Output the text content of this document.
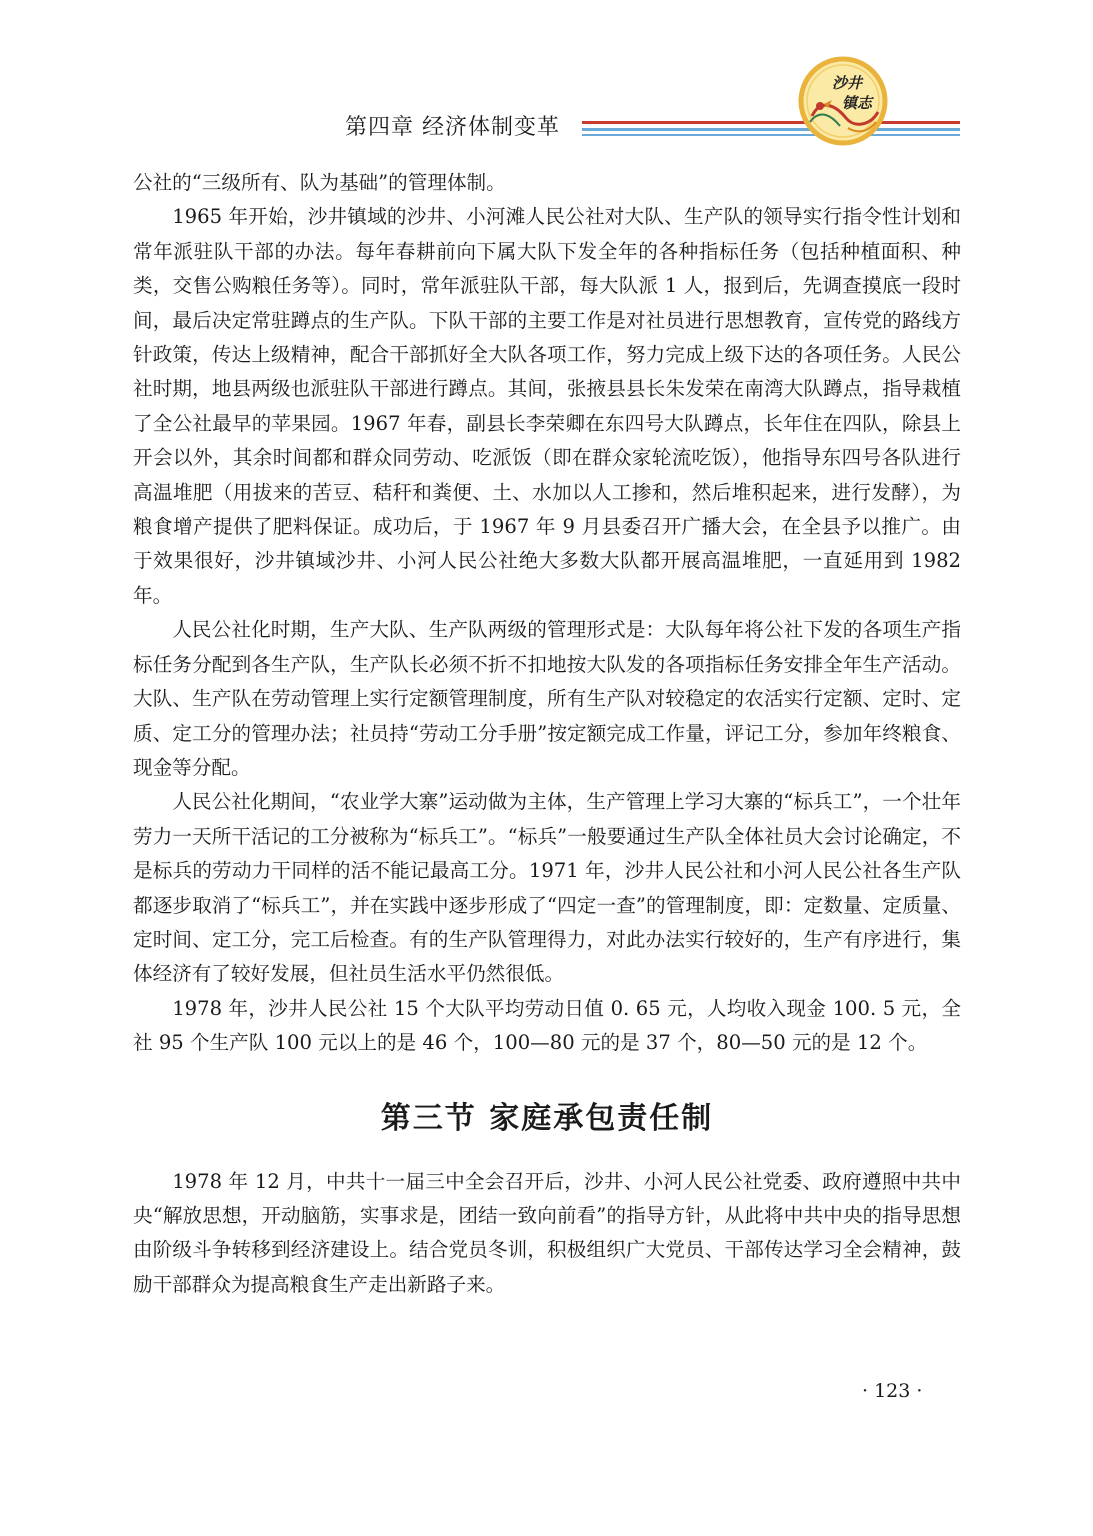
第四章 经济体制变革
沙井
镇志

公社的“三级所有、队为基础”的管理体制。

1965 年开始，沙井镇域的沙井、小河滩人民公社对大队、生产队的领导实行指令性计划和常年派驻队干部的办法。每年春耕前向下属大队下发全年的各种指标任务（包括种植面积、种类，交售公购粮任务等）。同时，常年派驻队干部，每大队派 1 人，报到后，先调查摸底一段时间，最后决定常驻蹲点的生产队。下队干部的主要工作是对社员进行思想教育，宣传党的路线方针政策，传达上级精神，配合干部抓好全大队各项工作，努力完成上级下达的各项任务。人民公社时期，地县两级也派驻队干部进行蹲点。其间，张掖县县长朱发荣在南湾大队蹲点，指导栽植了全公社最早的苹果园。1967 年春，副县长李荣卿在东四号大队蹲点，长年住在四队，除县上开会以外，其余时间都和群众同劳动、吃派饭（即在群众家轮流吃饭），他指导东四号各队进行高温堆肥（用拔来的苦豆、秸秆和粪便、土、水加以人工掺和，然后堆积起来，进行发酵），为粮食增产提供了肥料保证。成功后，于 1967 年 9 月县委召开广播大会，在全县予以推广。由于效果很好，沙井镇域沙井、小河人民公社绝大多数大队都开展高温堆肥，一直延用到 1982 年。

人民公社化时期，生产大队、生产队两级的管理形式是：大队每年将公社下发的各项生产指标任务分配到各生产队，生产队长必须不折不扣地按大队发的各项指标任务安排全年生产活动。大队、生产队在劳动管理上实行定额管理制度，所有生产队对较稳定的农活实行定额、定时、定质、定工分的管理办法；社员持“劳动工分手册”按定额完成工作量，评记工分，参加年终粮食、现金等分配。

人民公社化期间，“农业学大寨”运动做为主体，生产管理上学习大寨的“标兵工”，一个壮年劳力一天所干活记的工分被称为“标兵工”。“标兵”一般要通过生产队全体社员大会讨论确定，不是标兵的劳动力干同样的活不能记最高工分。1971 年，沙井人民公社和小河人民公社各生产队都逐步取消了“标兵工”，并在实践中逐步形成了“四定一查”的管理制度，即：定数量、定质量、定时间、定工分，完工后检查。有的生产队管理得力，对此办法实行较好的，生产有序进行，集体经济有了较好发展，但社员生活水平仍然很低。

1978 年，沙井人民公社 15 个大队平均劳动日值 0. 65 元，人均收入现金 100. 5 元，全社 95 个生产队 100 元以上的是 46 个，100—80 元的是 37 个，80—50 元的是 12 个。

第三节 家庭承包责任制

1978 年 12 月，中共十一届三中全会召开后，沙井、小河人民公社党委、政府遵照中共中央“解放思想，开动脑筋，实事求是，团结一致向前看”的指导方针，从此将中共中央的指导思想由阶级斗争转移到经济建设上。结合党员冬训，积极组织广大党员、干部传达学习全会精神，鼓励干部群众为提高粮食生产走出新路子来。

· 123 ·
